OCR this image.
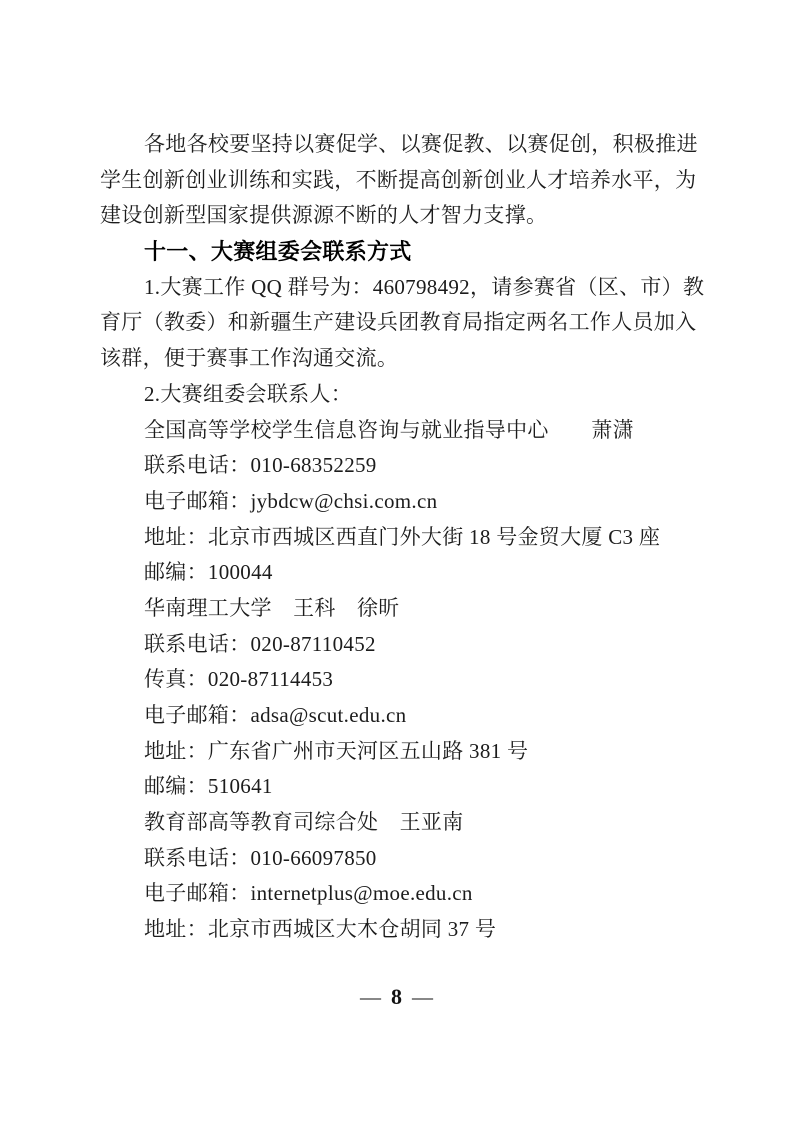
各地各校要坚持以赛促学、以赛促教、以赛促创，积极推进
学生创新创业训练和实践，不断提高创新创业人才培养水平，为
建设创新型国家提供源源不断的人才智力支撑。
十一、大赛组委会联系方式
1.大赛工作 QQ 群号为：460798492，请参赛省（区、市）教
育厅（教委）和新疆生产建设兵团教育局指定两名工作人员加入
该群，便于赛事工作沟通交流。
2.大赛组委会联系人：
全国高等学校学生信息咨询与就业指导中心　　萧潇
联系电话：010-68352259
电子邮箱：jybdcw@chsi.com.cn
地址：北京市西城区西直门外大街 18 号金贸大厦 C3 座
邮编：100044
华南理工大学　王科　徐昕
联系电话：020-87110452
传真：020-87114453
电子邮箱：adsa@scut.edu.cn
地址：广东省广州市天河区五山路 381 号
邮编：510641
教育部高等教育司综合处　王亚南
联系电话：010-66097850
电子邮箱：internetplus@moe.edu.cn
地址：北京市西城区大木仓胡同 37 号
— 8 —
